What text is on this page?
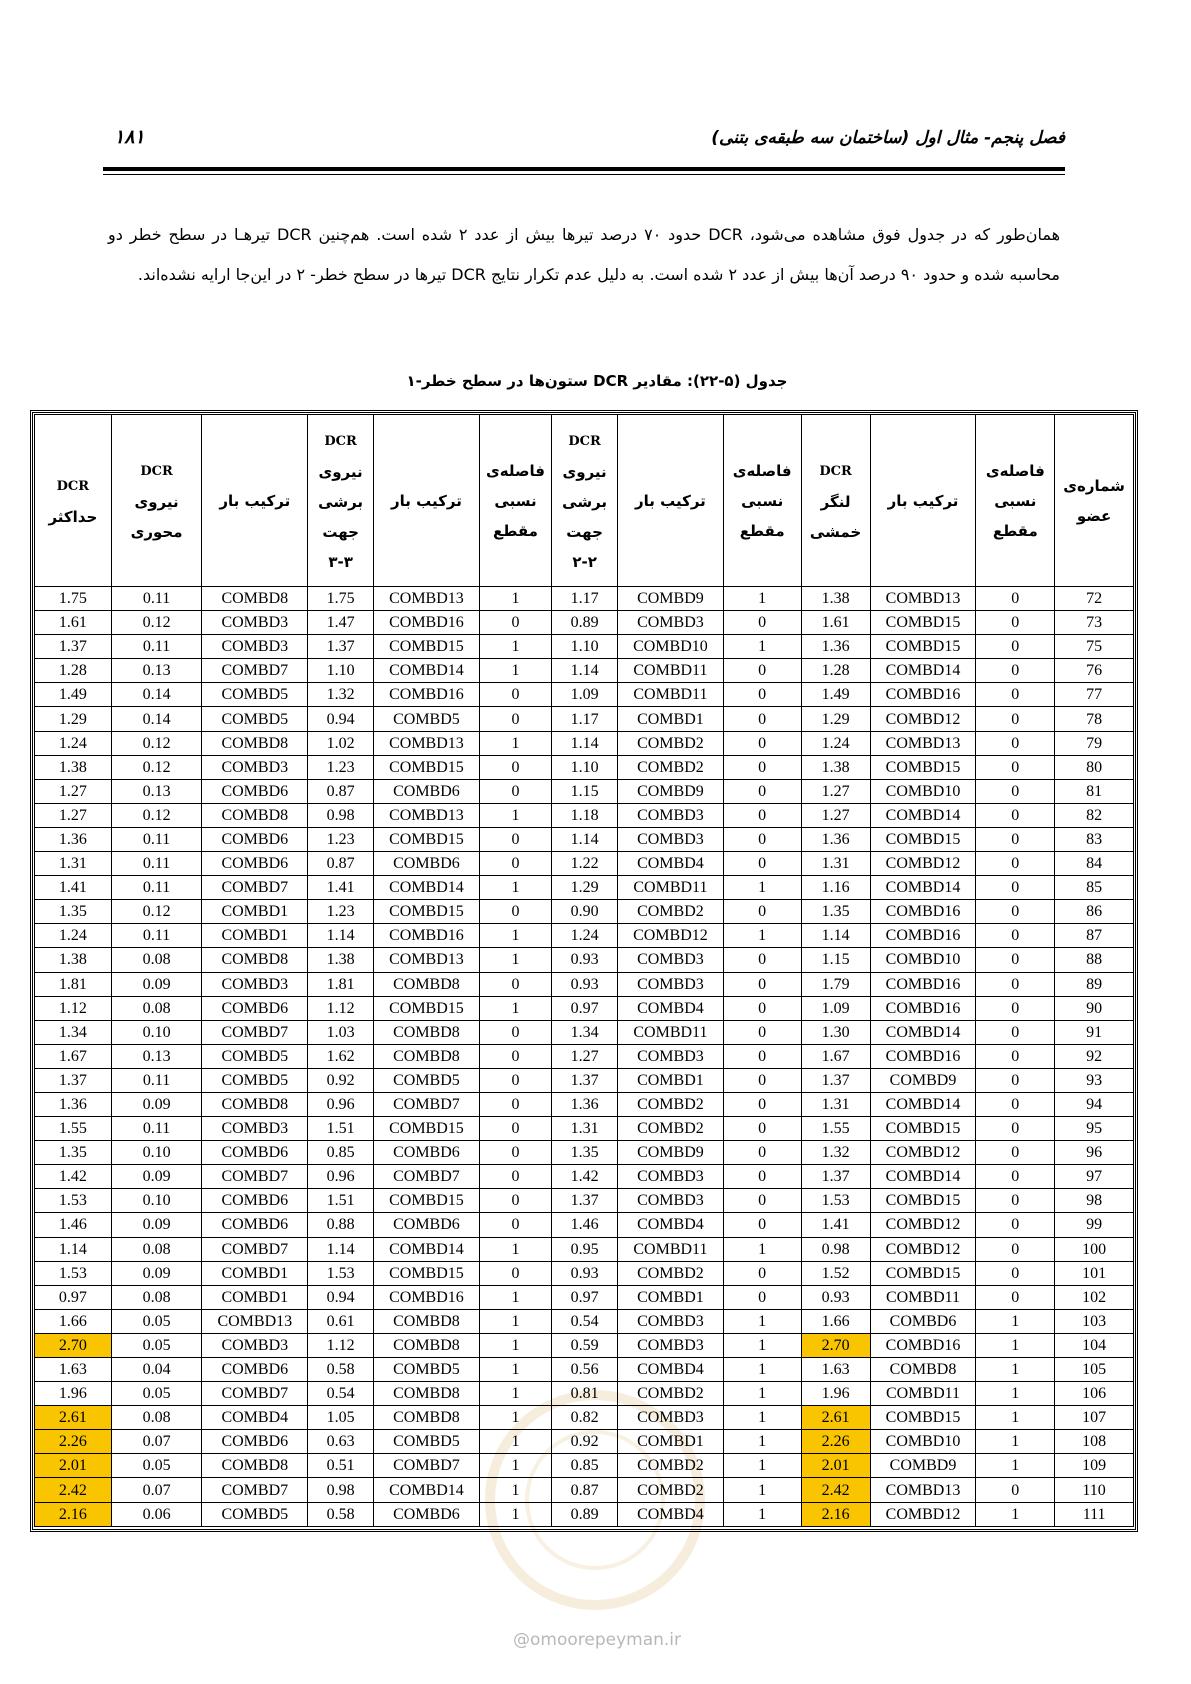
فصل پنجم- مثال اول (ساختمان سه طبقه‌ی بتنی)
۱۸۱

همان‌طور که در جدول فوق مشاهده می‌شود، DCR حدود ۷۰ درصد تیرها بیش از عدد ۲ شده است. هم‌چنین DCR تیرهـا در سطح خطر دو محاسبه شده و حدود ۹۰ درصد آن‌ها بیش از عدد ۲ شده است. به دلیل عدم تکرار نتایج DCR تیرها در سطح خطر- ۲ در این‌جا ارایه نشده‌اند.

جدول (۵-۲۲): مقادیر DCR ستون‌ها در سطح خطر-۱
شماره‌ی
عضو	فاصله‌ی
نسبی
مقطع	ترکیب بار	DCR
لنگر
خمشی	فاصله‌ی
نسبی
مقطع	ترکیب بار	DCR
نیروی
برشی
جهت
۲-۲	فاصله‌ی
نسبی
مقطع	ترکیب بار	DCR
نیروی
برشی
جهت
۳-۳	ترکیب بار	DCR
نیروی
محوری	DCR
حداکثر
72	0	COMBD13	1.38	1	COMBD9	1.17	1	COMBD13	1.75	COMBD8	0.11	1.75
73	0	COMBD15	1.61	0	COMBD3	0.89	0	COMBD16	1.47	COMBD3	0.12	1.61
75	0	COMBD15	1.36	1	COMBD10	1.10	1	COMBD15	1.37	COMBD3	0.11	1.37
76	0	COMBD14	1.28	0	COMBD11	1.14	1	COMBD14	1.10	COMBD7	0.13	1.28
77	0	COMBD16	1.49	0	COMBD11	1.09	0	COMBD16	1.32	COMBD5	0.14	1.49
78	0	COMBD12	1.29	0	COMBD1	1.17	0	COMBD5	0.94	COMBD5	0.14	1.29
79	0	COMBD13	1.24	0	COMBD2	1.14	1	COMBD13	1.02	COMBD8	0.12	1.24
80	0	COMBD15	1.38	0	COMBD2	1.10	0	COMBD15	1.23	COMBD3	0.12	1.38
81	0	COMBD10	1.27	0	COMBD9	1.15	0	COMBD6	0.87	COMBD6	0.13	1.27
82	0	COMBD14	1.27	0	COMBD3	1.18	1	COMBD13	0.98	COMBD8	0.12	1.27
83	0	COMBD15	1.36	0	COMBD3	1.14	0	COMBD15	1.23	COMBD6	0.11	1.36
84	0	COMBD12	1.31	0	COMBD4	1.22	0	COMBD6	0.87	COMBD6	0.11	1.31
85	0	COMBD14	1.16	1	COMBD11	1.29	1	COMBD14	1.41	COMBD7	0.11	1.41
86	0	COMBD16	1.35	0	COMBD2	0.90	0	COMBD15	1.23	COMBD1	0.12	1.35
87	0	COMBD16	1.14	1	COMBD12	1.24	1	COMBD16	1.14	COMBD1	0.11	1.24
88	0	COMBD10	1.15	0	COMBD3	0.93	1	COMBD13	1.38	COMBD8	0.08	1.38
89	0	COMBD16	1.79	0	COMBD3	0.93	0	COMBD8	1.81	COMBD3	0.09	1.81
90	0	COMBD16	1.09	0	COMBD4	0.97	1	COMBD15	1.12	COMBD6	0.08	1.12
91	0	COMBD14	1.30	0	COMBD11	1.34	0	COMBD8	1.03	COMBD7	0.10	1.34
92	0	COMBD16	1.67	0	COMBD3	1.27	0	COMBD8	1.62	COMBD5	0.13	1.67
93	0	COMBD9	1.37	0	COMBD1	1.37	0	COMBD5	0.92	COMBD5	0.11	1.37
94	0	COMBD14	1.31	0	COMBD2	1.36	0	COMBD7	0.96	COMBD8	0.09	1.36
95	0	COMBD15	1.55	0	COMBD2	1.31	0	COMBD15	1.51	COMBD3	0.11	1.55
96	0	COMBD12	1.32	0	COMBD9	1.35	0	COMBD6	0.85	COMBD6	0.10	1.35
97	0	COMBD14	1.37	0	COMBD3	1.42	0	COMBD7	0.96	COMBD7	0.09	1.42
98	0	COMBD15	1.53	0	COMBD3	1.37	0	COMBD15	1.51	COMBD6	0.10	1.53
99	0	COMBD12	1.41	0	COMBD4	1.46	0	COMBD6	0.88	COMBD6	0.09	1.46
100	0	COMBD12	0.98	1	COMBD11	0.95	1	COMBD14	1.14	COMBD7	0.08	1.14
101	0	COMBD15	1.52	0	COMBD2	0.93	0	COMBD15	1.53	COMBD1	0.09	1.53
102	0	COMBD11	0.93	0	COMBD1	0.97	1	COMBD16	0.94	COMBD1	0.08	0.97
103	1	COMBD6	1.66	1	COMBD3	0.54	1	COMBD8	0.61	COMBD13	0.05	1.66
104	1	COMBD16	2.70	1	COMBD3	0.59	1	COMBD8	1.12	COMBD3	0.05	2.70
105	1	COMBD8	1.63	1	COMBD4	0.56	1	COMBD5	0.58	COMBD6	0.04	1.63
106	1	COMBD11	1.96	1	COMBD2	0.81	1	COMBD8	0.54	COMBD7	0.05	1.96
107	1	COMBD15	2.61	1	COMBD3	0.82	1	COMBD8	1.05	COMBD4	0.08	2.61
108	1	COMBD10	2.26	1	COMBD1	0.92	1	COMBD5	0.63	COMBD6	0.07	2.26
109	1	COMBD9	2.01	1	COMBD2	0.85	1	COMBD7	0.51	COMBD8	0.05	2.01
110	0	COMBD13	2.42	1	COMBD2	0.87	1	COMBD14	0.98	COMBD7	0.07	2.42
111	1	COMBD12	2.16	1	COMBD4	0.89	1	COMBD6	0.58	COMBD5	0.06	2.16
@omoorepeyman.ir
